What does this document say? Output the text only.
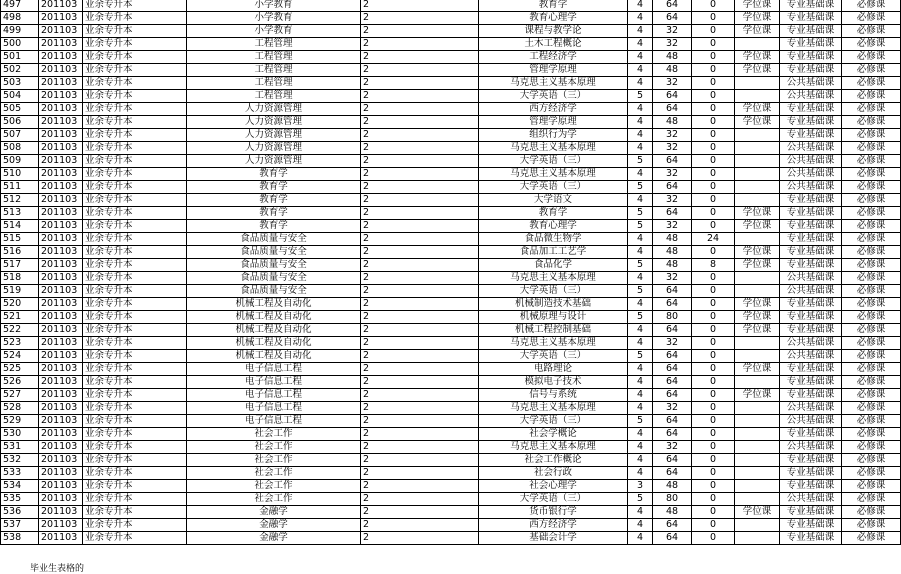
497	201103	业余专升本	小学教育	2	教育学	4	64	0	学位课	专业基础课	必修课
498	201103	业余专升本	小学教育	2	教育心理学	4	64	0	学位课	专业基础课	必修课
499	201103	业余专升本	小学教育	2	课程与教学论	4	32	0	学位课	专业基础课	必修课
500	201103	业余专升本	工程管理	2	土木工程概论	4	32	0		专业基础课	必修课
501	201103	业余专升本	工程管理	2	工程经济学	4	48	0	学位课	专业基础课	必修课
502	201103	业余专升本	工程管理	2	管理学原理	4	48	0	学位课	专业基础课	必修课
503	201103	业余专升本	工程管理	2	马克思主义基本原理	4	32	0		公共基础课	必修课
504	201103	业余专升本	工程管理	2	大学英语（三）	5	64	0		公共基础课	必修课
505	201103	业余专升本	人力资源管理	2	西方经济学	4	64	0	学位课	专业基础课	必修课
506	201103	业余专升本	人力资源管理	2	管理学原理	4	48	0	学位课	专业基础课	必修课
507	201103	业余专升本	人力资源管理	2	组织行为学	4	32	0		专业基础课	必修课
508	201103	业余专升本	人力资源管理	2	马克思主义基本原理	4	32	0		公共基础课	必修课
509	201103	业余专升本	人力资源管理	2	大学英语（三）	5	64	0		公共基础课	必修课
510	201103	业余专升本	教育学	2	马克思主义基本原理	4	32	0		公共基础课	必修课
511	201103	业余专升本	教育学	2	大学英语（三）	5	64	0		公共基础课	必修课
512	201103	业余专升本	教育学	2	大学语文	4	32	0		专业基础课	必修课
513	201103	业余专升本	教育学	2	教育学	5	64	0	学位课	专业基础课	必修课
514	201103	业余专升本	教育学	2	教育心理学	5	32	0	学位课	专业基础课	必修课
515	201103	业余专升本	食品质量与安全	2	食品微生物学	4	48	24		专业基础课	必修课
516	201103	业余专升本	食品质量与安全	2	食品加工工艺学	4	48	0	学位课	专业基础课	必修课
517	201103	业余专升本	食品质量与安全	2	食品化学	5	48	8	学位课	专业基础课	必修课
518	201103	业余专升本	食品质量与安全	2	马克思主义基本原理	4	32	0		公共基础课	必修课
519	201103	业余专升本	食品质量与安全	2	大学英语（三）	5	64	0		公共基础课	必修课
520	201103	业余专升本	机械工程及自动化	2	机械制造技术基础	4	64	0	学位课	专业基础课	必修课
521	201103	业余专升本	机械工程及自动化	2	机械原理与设计	5	80	0	学位课	专业基础课	必修课
522	201103	业余专升本	机械工程及自动化	2	机械工程控制基础	4	64	0	学位课	专业基础课	必修课
523	201103	业余专升本	机械工程及自动化	2	马克思主义基本原理	4	32	0		公共基础课	必修课
524	201103	业余专升本	机械工程及自动化	2	大学英语（三）	5	64	0		公共基础课	必修课
525	201103	业余专升本	电子信息工程	2	电路理论	4	64	0	学位课	专业基础课	必修课
526	201103	业余专升本	电子信息工程	2	模拟电子技术	4	64	0		专业基础课	必修课
527	201103	业余专升本	电子信息工程	2	信号与系统	4	64	0	学位课	专业基础课	必修课
528	201103	业余专升本	电子信息工程	2	马克思主义基本原理	4	32	0		公共基础课	必修课
529	201103	业余专升本	电子信息工程	2	大学英语（三）	5	64	0		公共基础课	必修课
530	201103	业余专升本	社会工作	2	社会学概论	4	64	0		专业基础课	必修课
531	201103	业余专升本	社会工作	2	马克思主义基本原理	4	32	0		公共基础课	必修课
532	201103	业余专升本	社会工作	2	社会工作概论	4	64	0		专业基础课	必修课
533	201103	业余专升本	社会工作	2	社会行政	4	64	0		专业基础课	必修课
534	201103	业余专升本	社会工作	2	社会心理学	3	48	0		专业基础课	必修课
535	201103	业余专升本	社会工作	2	大学英语（三）	5	80	0		公共基础课	必修课
536	201103	业余专升本	金融学	2	货币银行学	4	48	0	学位课	专业基础课	必修课
537	201103	业余专升本	金融学	2	西方经济学	4	64	0		专业基础课	必修课
538	201103	业余专升本	金融学	2	基础会计学	4	64	0		专业基础课	必修课
毕业生表格的
